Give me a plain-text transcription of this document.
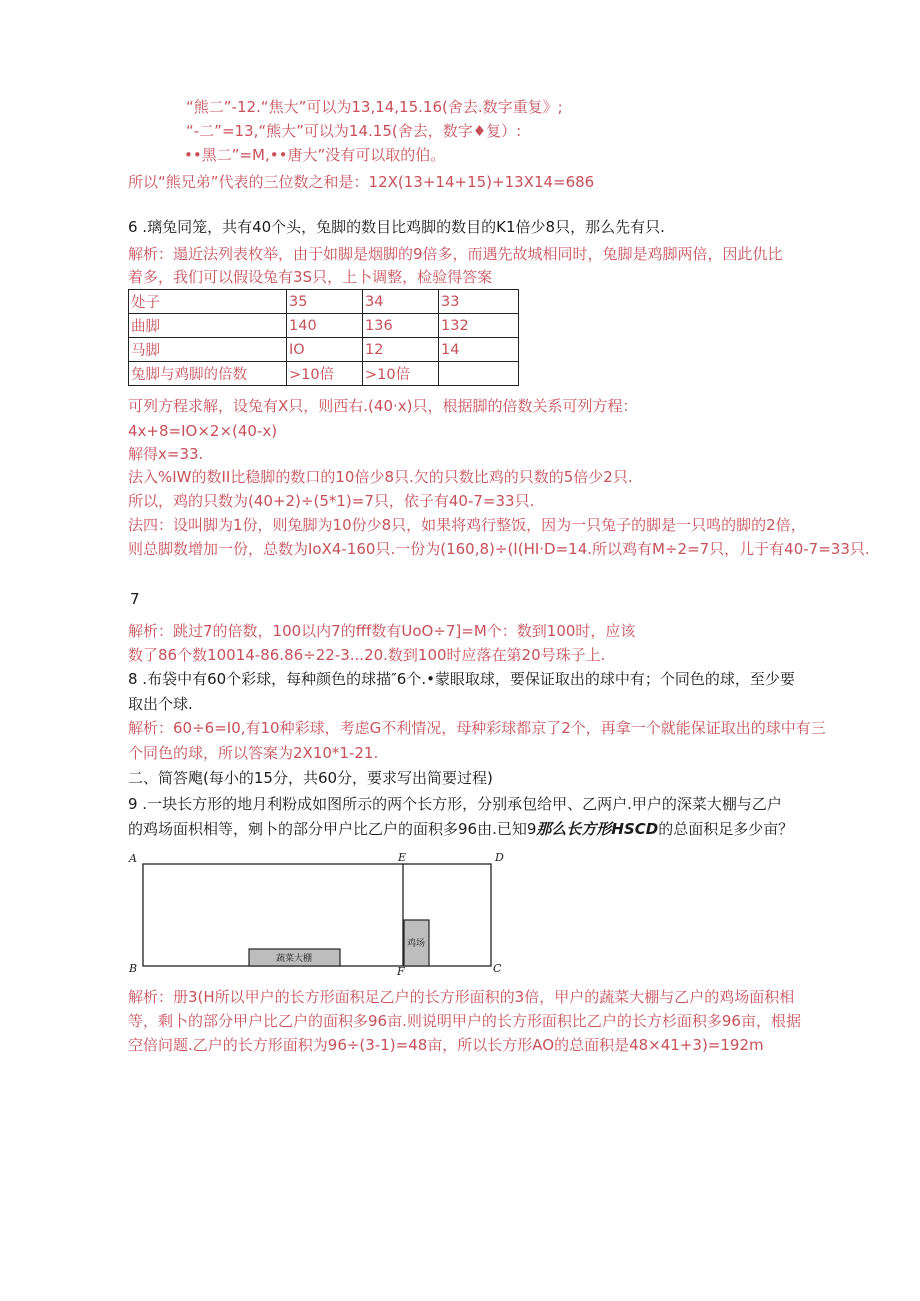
“熊二”-12.“焦大”可以为13,14,15.16(舍去.数字重复》;
“-二”=13,“熊大”可以为14.15(舍去，数字♦复）:
••黑二”=M,••唐大”没有可以取的伯。
所以“熊兄弟”代表的三位数之和是：12X(13+14+15)+13X14=686
6 .璃兔同笼，共有40个头，兔脚的数目比鸡脚的数目的K1倍少8只，那么先有只.
解析：遢近法列表枚举，由于如脚是烟脚的9倍多，而遇先故城相同时，兔脚是鸡脚两倍，因此仇比
着多，我们可以假设兔有3S只，上卜调整，检验得答案
处子	35	34	33
曲脚	140	136	132
马脚	IO	12	14
兔脚与鸡脚的倍数	>10倍	>10倍	
可列方程求解，设兔有X只，则西右.(40·x)只，根据脚的倍数关系可列方程：
4x+8=IO×2×(40-x)
解得x=33.
法入%IW的数II比稳脚的数口的10倍少8只.欠的只数比鸡的只数的5倍少2只.
所以，鸡的只数为(40+2)÷(5*1)=7只，依子有40-7=33只.
法四：设叫脚为1份，则兔脚为10份少8只，如果将鸡行整饭，因为一只兔子的脚是一只鸣的脚的2倍，
则总脚数增加一份，总数为IoX4-160只.一份为(160,8)÷(I(HI·D=14.所以鸡有M÷2=7只，儿于有40-7=33只.
7
解析：跳过7的倍数，100以内7的fff数有UoO÷7]=M个：数到100时，应该
数了86个数10014-86.86÷22-3...20.数到100时应落在第20号珠子上.
8 .布袋中有60个彩球，每种颜色的球描″6个.•蒙眼取球，要保证取出的球中有；个同色的球，至少要
取出个球.
解析：60÷6=I0,有10种彩球，考虑G不利情况，母种彩球都京了2个，再拿一个就能保证取出的球中有三
个同色的球，所以答案为2X10*1-21.
二、简答飑(每小的15分，共60分，要求写出简要过程)
9 .一块长方形的地月利粉成如图所示的两个长方形，分别承包给甲、乙两户.甲户的深菜大棚与乙户
的鸡场面枳相等，剜卜的部分甲户比乙户的面积多96由.已知9那么长方形HSCD的总面积足多少亩？
蔬菜大棚
鸡场
A
B
E
F
D
C
解析：册3(H所以甲户的长方形面积足乙户的长方形面积的3倍，甲户的蔬菜大棚与乙户的鸡场面积相
等，剩卜的部分甲户比乙户的面积多96亩.则说明甲户的长方形面积比乙户的长方杉面积多96亩，根据
空倍问题.乙户的长方形面积为96÷(3-1)=48亩，所以长方形AO的总面积是48×41+3)=192m
